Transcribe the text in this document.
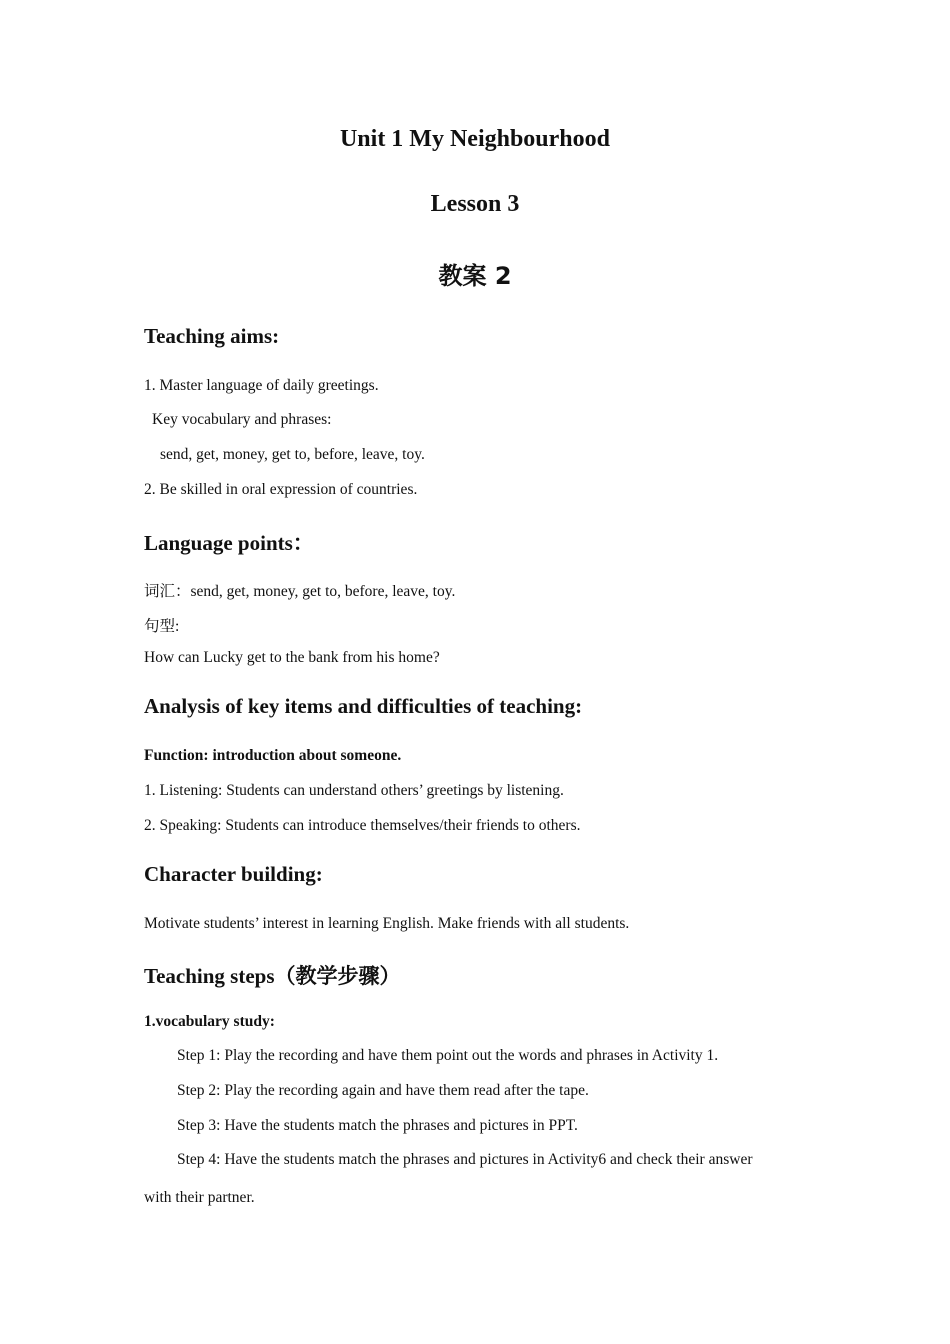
Unit 1 My Neighbourhood
Lesson 3
教案 2
Teaching aims:
1. Master language of daily greetings.
Key vocabulary and phrases:
send, get, money, get to, before, leave, toy.
2. Be skilled in oral expression of countries.
Language points：
词汇：send, get, money, get to, before, leave, toy.
句型:
How can Lucky get to the bank from his home?
Analysis of key items and difficulties of teaching:
Function: introduction about someone.
1. Listening: Students can understand others’ greetings by listening.
2. Speaking: Students can introduce themselves/their friends to others.
Character building:
Motivate students’ interest in learning English. Make friends with all students.
Teaching steps（教学步骤）
1.vocabulary study:
Step 1: Play the recording and have them point out the words and phrases in Activity 1.
Step 2: Play the recording again and have them read after the tape.
Step 3: Have the students match the phrases and pictures in PPT.
Step 4: Have the students match the phrases and pictures in Activity6 and check their answer
with their partner.
